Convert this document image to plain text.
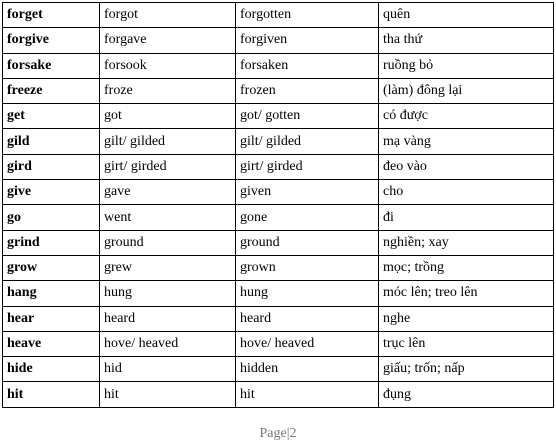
forget	forgot	forgotten	quên
forgive	forgave	forgiven	tha thứ
forsake	forsook	forsaken	ruồng bỏ
freeze	froze	frozen	(làm) đông lại
get	got	got/ gotten	có được
gild	gilt/ gilded	gilt/ gilded	mạ vàng
gird	girt/ girded	girt/ girded	đeo vào
give	gave	given	cho
go	went	gone	đi
grind	ground	ground	nghiền; xay
grow	grew	grown	mọc; trồng
hang	hung	hung	móc lên; treo lên
hear	heard	heard	nghe
heave	hove/ heaved	hove/ heaved	trục lên
hide	hid	hidden	giấu; trốn; nấp
hit	hit	hit	đụng
Page|2
